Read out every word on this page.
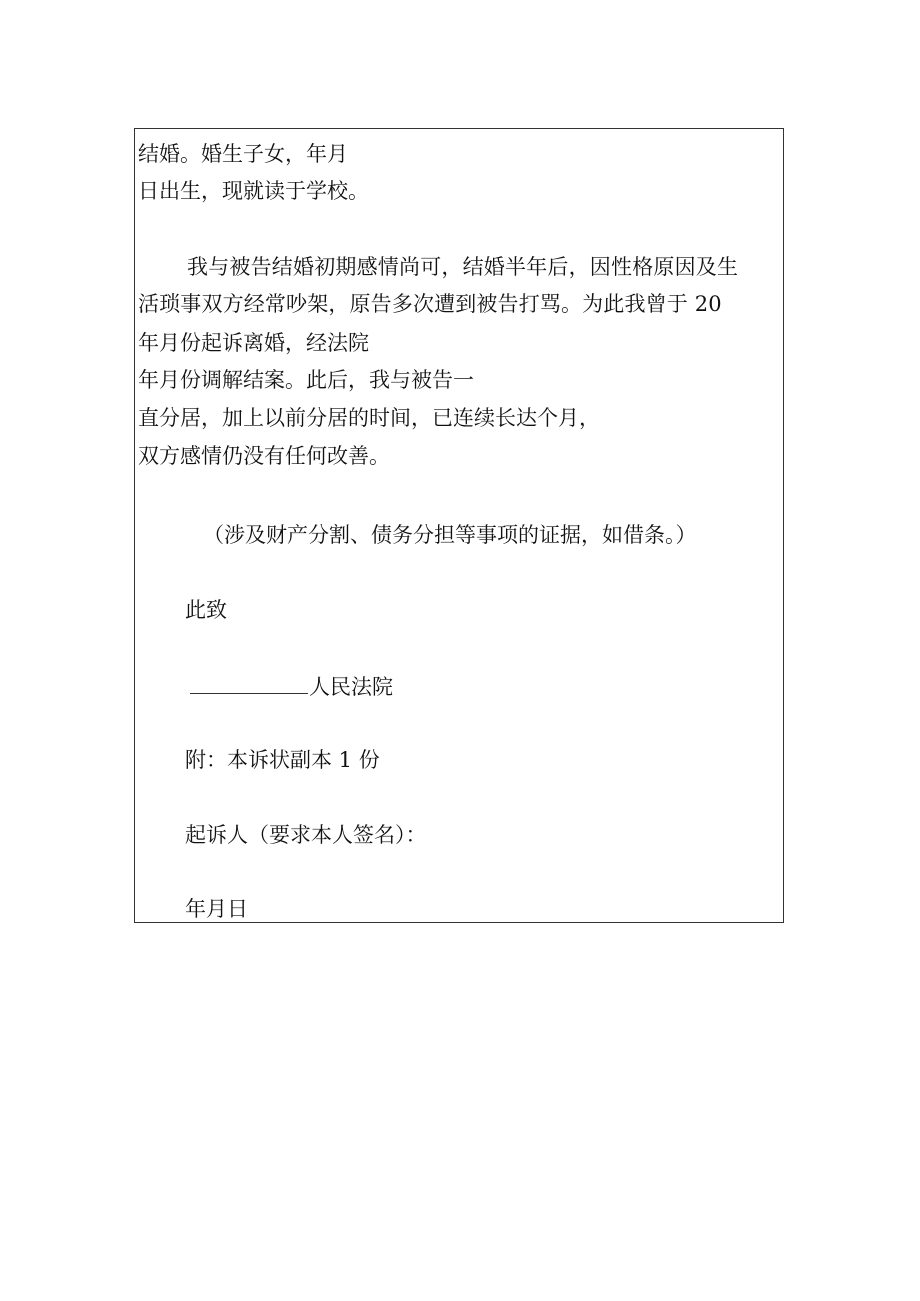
结婚。婚生子女，年月
日出生，现就读于学校。
我与被告结婚初期感情尚可，结婚半年后，因性格原因及生
活琐事双方经常吵架，原告多次遭到被告打骂。为此我曾于 20
年月份起诉离婚，经法院
年月份调解结案。此后，我与被告一
直分居，加上以前分居的时间，已连续长达个月，
双方感情仍没有任何改善。
（涉及财产分割、债务分担等事项的证据，如借条。）
此致
人民法院
附：本诉状副本 1 份
起诉人（要求本人签名）：
年月日
